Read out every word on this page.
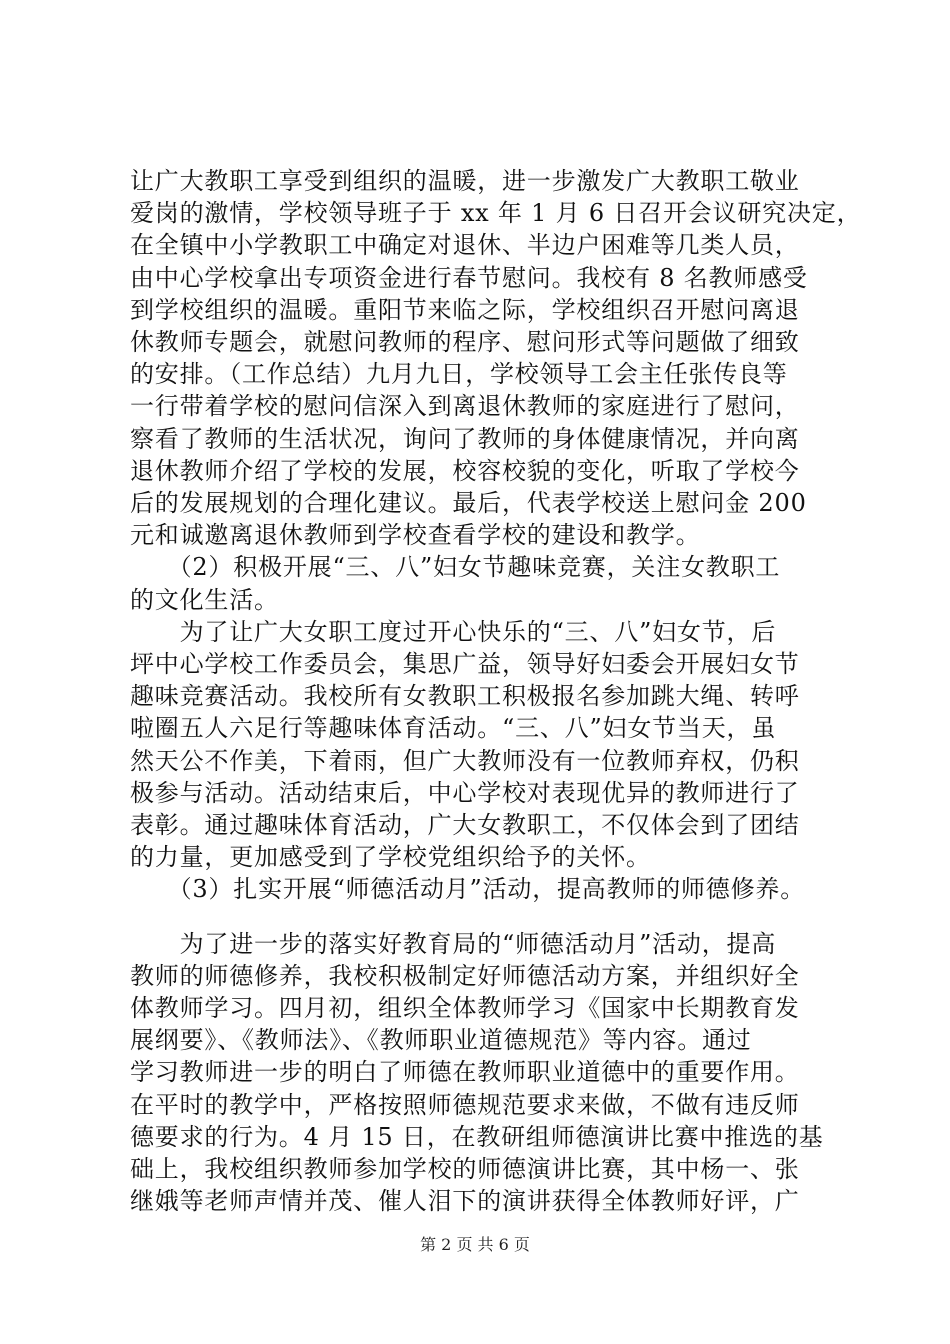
让广大教职工享受到组织的温暖，进一步激发广大教职工敬业
爱岗的激情，学校领导班子于 xx 年 1 月 6 日召开会议研究决定，
在全镇中小学教职工中确定对退休、半边户困难等几类人员，
由中心学校拿出专项资金进行春节慰问。我校有 8 名教师感受
到学校组织的温暖。重阳节来临之际，学校组织召开慰问离退
休教师专题会，就慰问教师的程序、慰问形式等问题做了细致
的安排。（工作总结）九月九日，学校领导工会主任张传良等
一行带着学校的慰问信深入到离退休教师的家庭进行了慰问，
察看了教师的生活状况，询问了教师的身体健康情况，并向离
退休教师介绍了学校的发展，校容校貌的变化，听取了学校今
后的发展规划的合理化建议。最后，代表学校送上慰问金 200
元和诚邀离退休教师到学校查看学校的建设和教学。
　　（2）积极开展“三、八”妇女节趣味竞赛，关注女教职工
的文化生活。
　　为了让广大女职工度过开心快乐的“三、八”妇女节，后
坪中心学校工作委员会，集思广益，领导好妇委会开展妇女节
趣味竞赛活动。我校所有女教职工积极报名参加跳大绳、转呼
啦圈五人六足行等趣味体育活动。“三、八”妇女节当天，虽
然天公不作美，下着雨，但广大教师没有一位教师弃权，仍积
极参与活动。活动结束后，中心学校对表现优异的教师进行了
表彰。通过趣味体育活动，广大女教职工，不仅体会到了团结
的力量，更加感受到了学校党组织给予的关怀。
　　（3）扎实开展“师德活动月”活动，提高教师的师德修养。
　　为了进一步的落实好教育局的“师德活动月”活动，提高
教师的师德修养，我校积极制定好师德活动方案，并组织好全
体教师学习。四月初，组织全体教师学习《国家中长期教育发
展纲要》、《教师法》、《教师职业道德规范》等内容。通过
学习教师进一步的明白了师德在教师职业道德中的重要作用。
在平时的教学中，严格按照师德规范要求来做，不做有违反师
德要求的行为。4 月 15 日，在教研组师德演讲比赛中推选的基
础上，我校组织教师参加学校的师德演讲比赛，其中杨一、张
继娥等老师声情并茂、催人泪下的演讲获得全体教师好评，广
第 2 页 共 6 页
